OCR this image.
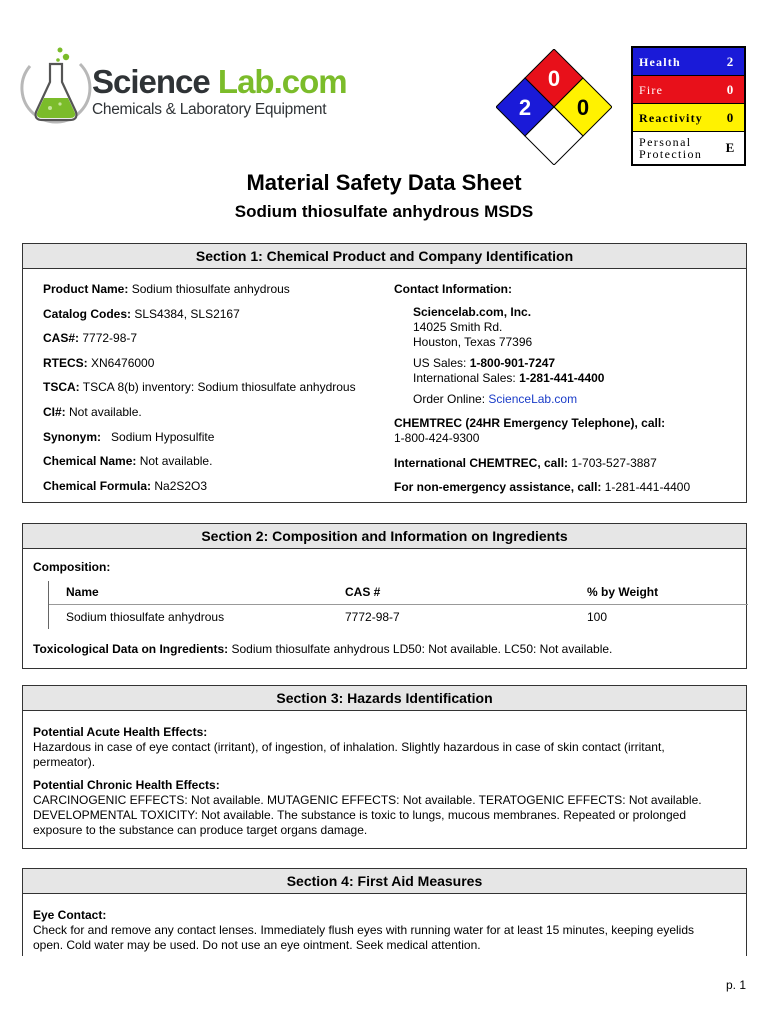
Science Lab.com
Chemicals & Laboratory Equipment
0
2 0
Health	2
Fire	0
Reactivity	0
Personal
Protection	E
Material Safety Data Sheet
Sodium thiosulfate anhydrous MSDS
Section 1: Chemical Product and Company Identification
Product Name: Sodium thiosulfate anhydrous
Catalog Codes: SLS4384, SLS2167
CAS#: 7772-98-7
RTECS: XN6476000
TSCA: TSCA 8(b) inventory: Sodium thiosulfate anhydrous
CI#: Not available.
Synonym:   Sodium Hyposulfite
Chemical Name: Not available.
Chemical Formula: Na2S2O3
Contact Information:
Sciencelab.com, Inc.
14025 Smith Rd.
Houston, Texas 77396
US Sales: 1-800-901-7247
International Sales: 1-281-441-4400
Order Online: ScienceLab.com
CHEMTREC (24HR Emergency Telephone), call:
1-800-424-9300
International CHEMTREC, call: 1-703-527-3887
For non-emergency assistance, call: 1-281-441-4400
Section 2: Composition and Information on Ingredients
Composition:
Name	CAS #	% by Weight
Sodium thiosulfate anhydrous	7772-98-7	100
Toxicological Data on Ingredients: Sodium thiosulfate anhydrous LD50: Not available. LC50: Not available.
Section 3: Hazards Identification
Potential Acute Health Effects:
Hazardous in case of eye contact (irritant), of ingestion, of inhalation. Slightly hazardous in case of skin contact (irritant,
permeator).
Potential Chronic Health Effects:
CARCINOGENIC EFFECTS: Not available. MUTAGENIC EFFECTS: Not available. TERATOGENIC EFFECTS: Not available.
DEVELOPMENTAL TOXICITY: Not available. The substance is toxic to lungs, mucous membranes. Repeated or prolonged
exposure to the substance can produce target organs damage.
Section 4: First Aid Measures
Eye Contact:
Check for and remove any contact lenses. Immediately flush eyes with running water for at least 15 minutes, keeping eyelids
open. Cold water may be used. Do not use an eye ointment. Seek medical attention.
p. 1
